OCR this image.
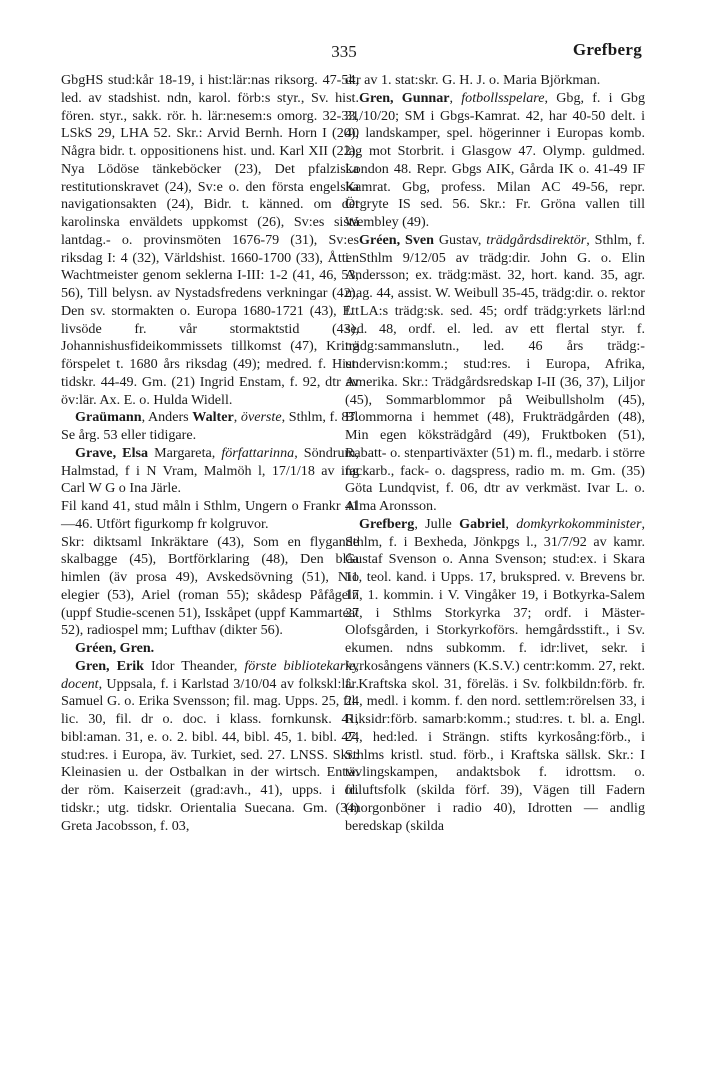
335	Grefberg

GbgHS stud:kår 18-19, i hist:lär:nas riksorg. 47-54, led. av stadshist. ndn, karol. förb:s styr., Sv. hist. fören. styr., sakk. rör. h. lär:nesem:s omorg. 32-33, LSkS 29, LHA 52. Skr.: Arvid Bernh. Horn I (20), Några bidr. t. oppositionens hist. und. Karl XII (22), Nya Lödöse tänkeböcker (23), Det pfalziska restitutionskravet (24), Sv:e o. den första engelska navigationsakten (24), Bidr. t. känned. om det karolinska enväldets uppkomst (26), Sv:es sista lantdag.- o. provinsmöten 1676-79 (31), Sv:es riksdag I: 4 (32), Världshist. 1660-1700 (33), Åtten Wachtmeister genom seklerna I-III: 1-2 (41, 46, 53, 56), Till belysn. av Nystadsfredens verkningar (42), Den sv. stormakten o. Europa 1680-1721 (43), Ett livsöde fr. vår stormaktstid (43), Johannishusfideikommissets tillkomst (47), Kring förspelet t. 1680 års riksdag (49); medred. f. Hist. tidskr. 44-49. Gm. (21) Ingrid Enstam, f. 92, dtr av öv:lär. Ax. E. o. Hulda Widell.

Graümann, Anders Walter, överste, Sthlm, f. 87. Se årg. 53 eller tidigare.

Grave, Elsa Margareta, författarinna, Söndrum, Halmstad, f i N Vram, Malmöh l, 17/1/18 av ing Carl W G o Ina Järle.

Fil kand 41, stud måln i Sthlm, Ungern o Frankr 41—46. Utfört figurkomp fr kolgruvor.

Skr: diktsaml Inkräktare (43), Som en flygande skalbagge (45), Bortförklaring (48), Den blåa himlen (äv prosa 49), Avskedsövning (51), Nio elegier (53), Ariel (roman 55); skådesp Påfågeln (uppf Studie-scenen 51), Isskåpet (uppf Kammarteat 52), radiospel mm; Lufthav (dikter 56).

Gréen, Gren.

Gren, Erik Idor Theander, förste bibliotekarie, docent, Uppsala, f. i Karlstad 3/10/04 av folkskl:lär. Samuel G. o. Erika Svensson; fil. mag. Upps. 25, fil. lic. 30, fil. dr o. doc. i klass. fornkunsk. 41, bibl:aman. 31, e. o. 2. bibl. 44, bibl. 45, 1. bibl. 47, stud:res. i Europa, äv. Turkiet, sed. 27. LNSS. Skr.: Kleinasien u. der Ostbalkan in der wirtsch. Entw. der röm. Kaiserzeit (grad:avh., 41), upps. i ol. tidskr.; utg. tidskr. Orientalia Suecana. Gm. (34) Greta Jacobsson, f. 03,

dtr av 1. stat:skr. G. H. J. o. Maria Björkman.

Gren, Gunnar, fotbollsspelare, Gbg, f. i Gbg 31/10/20; SM i Gbgs-Kamrat. 42, har 40-50 delt. i 40 landskamper, spel. högerinner i Europas komb. lag mot Storbrit. i Glasgow 47. Olymp. guldmed. London 48. Repr. Gbgs AIK, Gårda IK o. 41-49 IF Kamrat. Gbg, profess. Milan AC 49-56, repr. Örgryte IS sed. 56. Skr.: Fr. Gröna vallen till Wembley (49).

Gréen, Sven Gustav, trädgårdsdirektör, Sthlm, f. i Sthlm 9/12/05 av trädg:dir. John G. o. Elin Andersson; ex. trädg:mäst. 32, hort. kand. 35, agr. mag. 44, assist. W. Weibull 35-45, trädg:dir. o. rektor f. LA:s trädg:sk. sed. 45; ordf trädg:yrkets lärl:nd sed. 48, ordf. el. led. av ett flertal styr. f. trädg:sammanslutn., led. 46 års trädg:-undervisn:komm.; stud:res. i Europa, Afrika, Amerika. Skr.: Trädgårdsredskap I-II (36, 37), Liljor (45), Sommarblommor på Weibullsholm (45), Blommorna i hemmet (48), Frukträdgården (48), Min egen köksträdgård (49), Fruktboken (51), Rabatt- o. stenpartiväxter (51) m. fl., medarb. i större fackarb., fack- o. dagspress, radio m. m. Gm. (35) Göta Lundqvist, f. 06, dtr av verkmäst. Ivar L. o. Alma Aronsson.

Grefberg, Julle Gabriel, domkyrkokomminister, Sthlm, f. i Bexheda, Jönkpgs l., 31/7/92 av kamr. Gustaf Svenson o. Anna Svenson; stud:ex. i Skara 11, teol. kand. i Upps. 17, brukspred. v. Brevens br. 17, 1. kommin. i V. Vingåker 19, i Botkyrka-Salem 27, i Sthlms Storkyrka 37; ordf. i Mäster-Olofsgården, i Storkyrkoförs. hemgårdsstift., i Sv. ekumen. ndns subkomm. f. idr:livet, sekr. i kyrkosångens vänners (K.S.V.) centr:komm. 27, rekt. f. Kraftska skol. 31, föreläs. i Sv. folkbildn:förb. fr. 24, medl. i komm. f. den nord. settlem:rörelsen 33, i Riksidr:förb. samarb:komm.; stud:res. t. bl. a. Engl. 24, hed:led. i Strängn. stifts kyrkosång:förb., i Sthlms kristl. stud. förb., i Kraftska sällsk. Skr.: I tävlingskampen, andaktsbok f. idrottsm. o. friluftsfolk (skilda förf. 39), Vägen till Fadern (morgonböner i radio 40), Idrotten — andlig beredskap (skilda
